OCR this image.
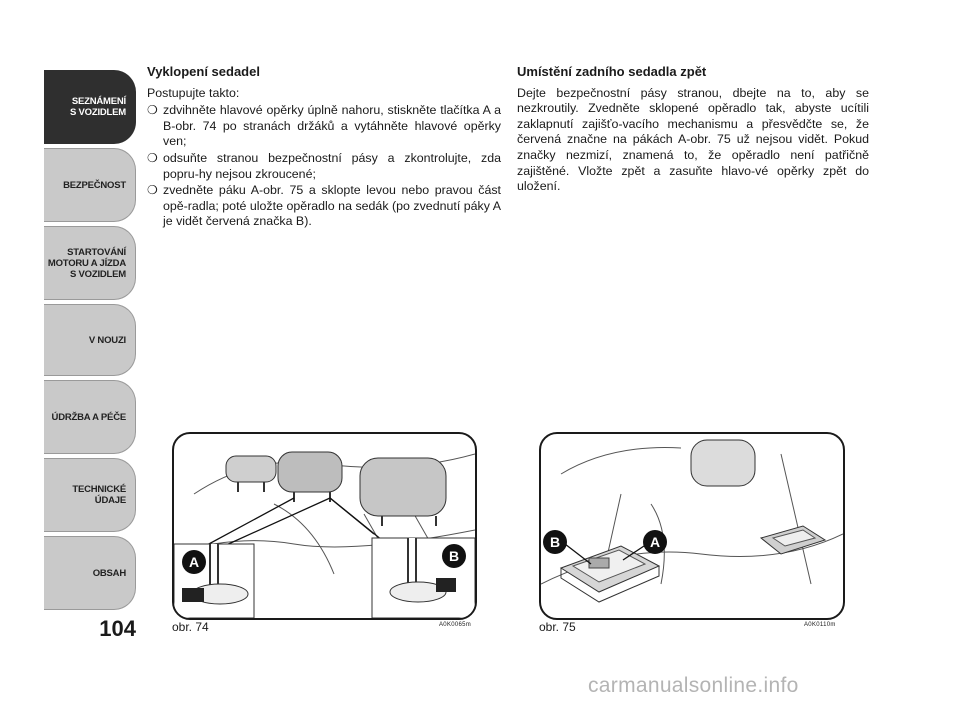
SEZNÁMENÍ
S VOZIDLEM
BEZPEČNOST
STARTOVÁNÍ
MOTORU A JÍZDA
S VOZIDLEM
V NOUZI
ÚDRŽBA A PÉČE
TECHNICKÉ
ÚDAJE
OBSAH
104
Vyklopení sedadel

Postupujte takto:

❍ zdvihněte hlavové opěrky úplně nahoru, stiskněte tlačítka A a B-obr. 74 po stranách držáků a vytáhněte hlavové opěrky ven;
❍ odsuňte stranou bezpečnostní pásy a zkontrolujte, zda popru-hy nejsou zkroucené;
❍ zvedněte páku A-obr. 75 a sklopte levou nebo pravou část opě-radla; poté uložte opěradlo na sedák (po zvednutí páky A je vidět červená značka B).
Umístění zadního sedadla zpět

Dejte bezpečnostní pásy stranou, dbejte na to, aby se nezkroutily. Zvedněte sklopené opěradlo tak, abyste ucítili zaklapnutí zajišťo-vacího mechanismu a přesvědčte se, že červená značne na pákách A-obr. 75 už nejsou vidět. Pokud značky nezmizí, znamená to, že opěradlo není patřičně zajištěné. Vložte zpět a zasuňte hlavo-vé opěrky zpět do uložení.

A	B
obr. 74	A0K0065m
B	A
obr. 75	A0K0110m
carmanualsonline.info
